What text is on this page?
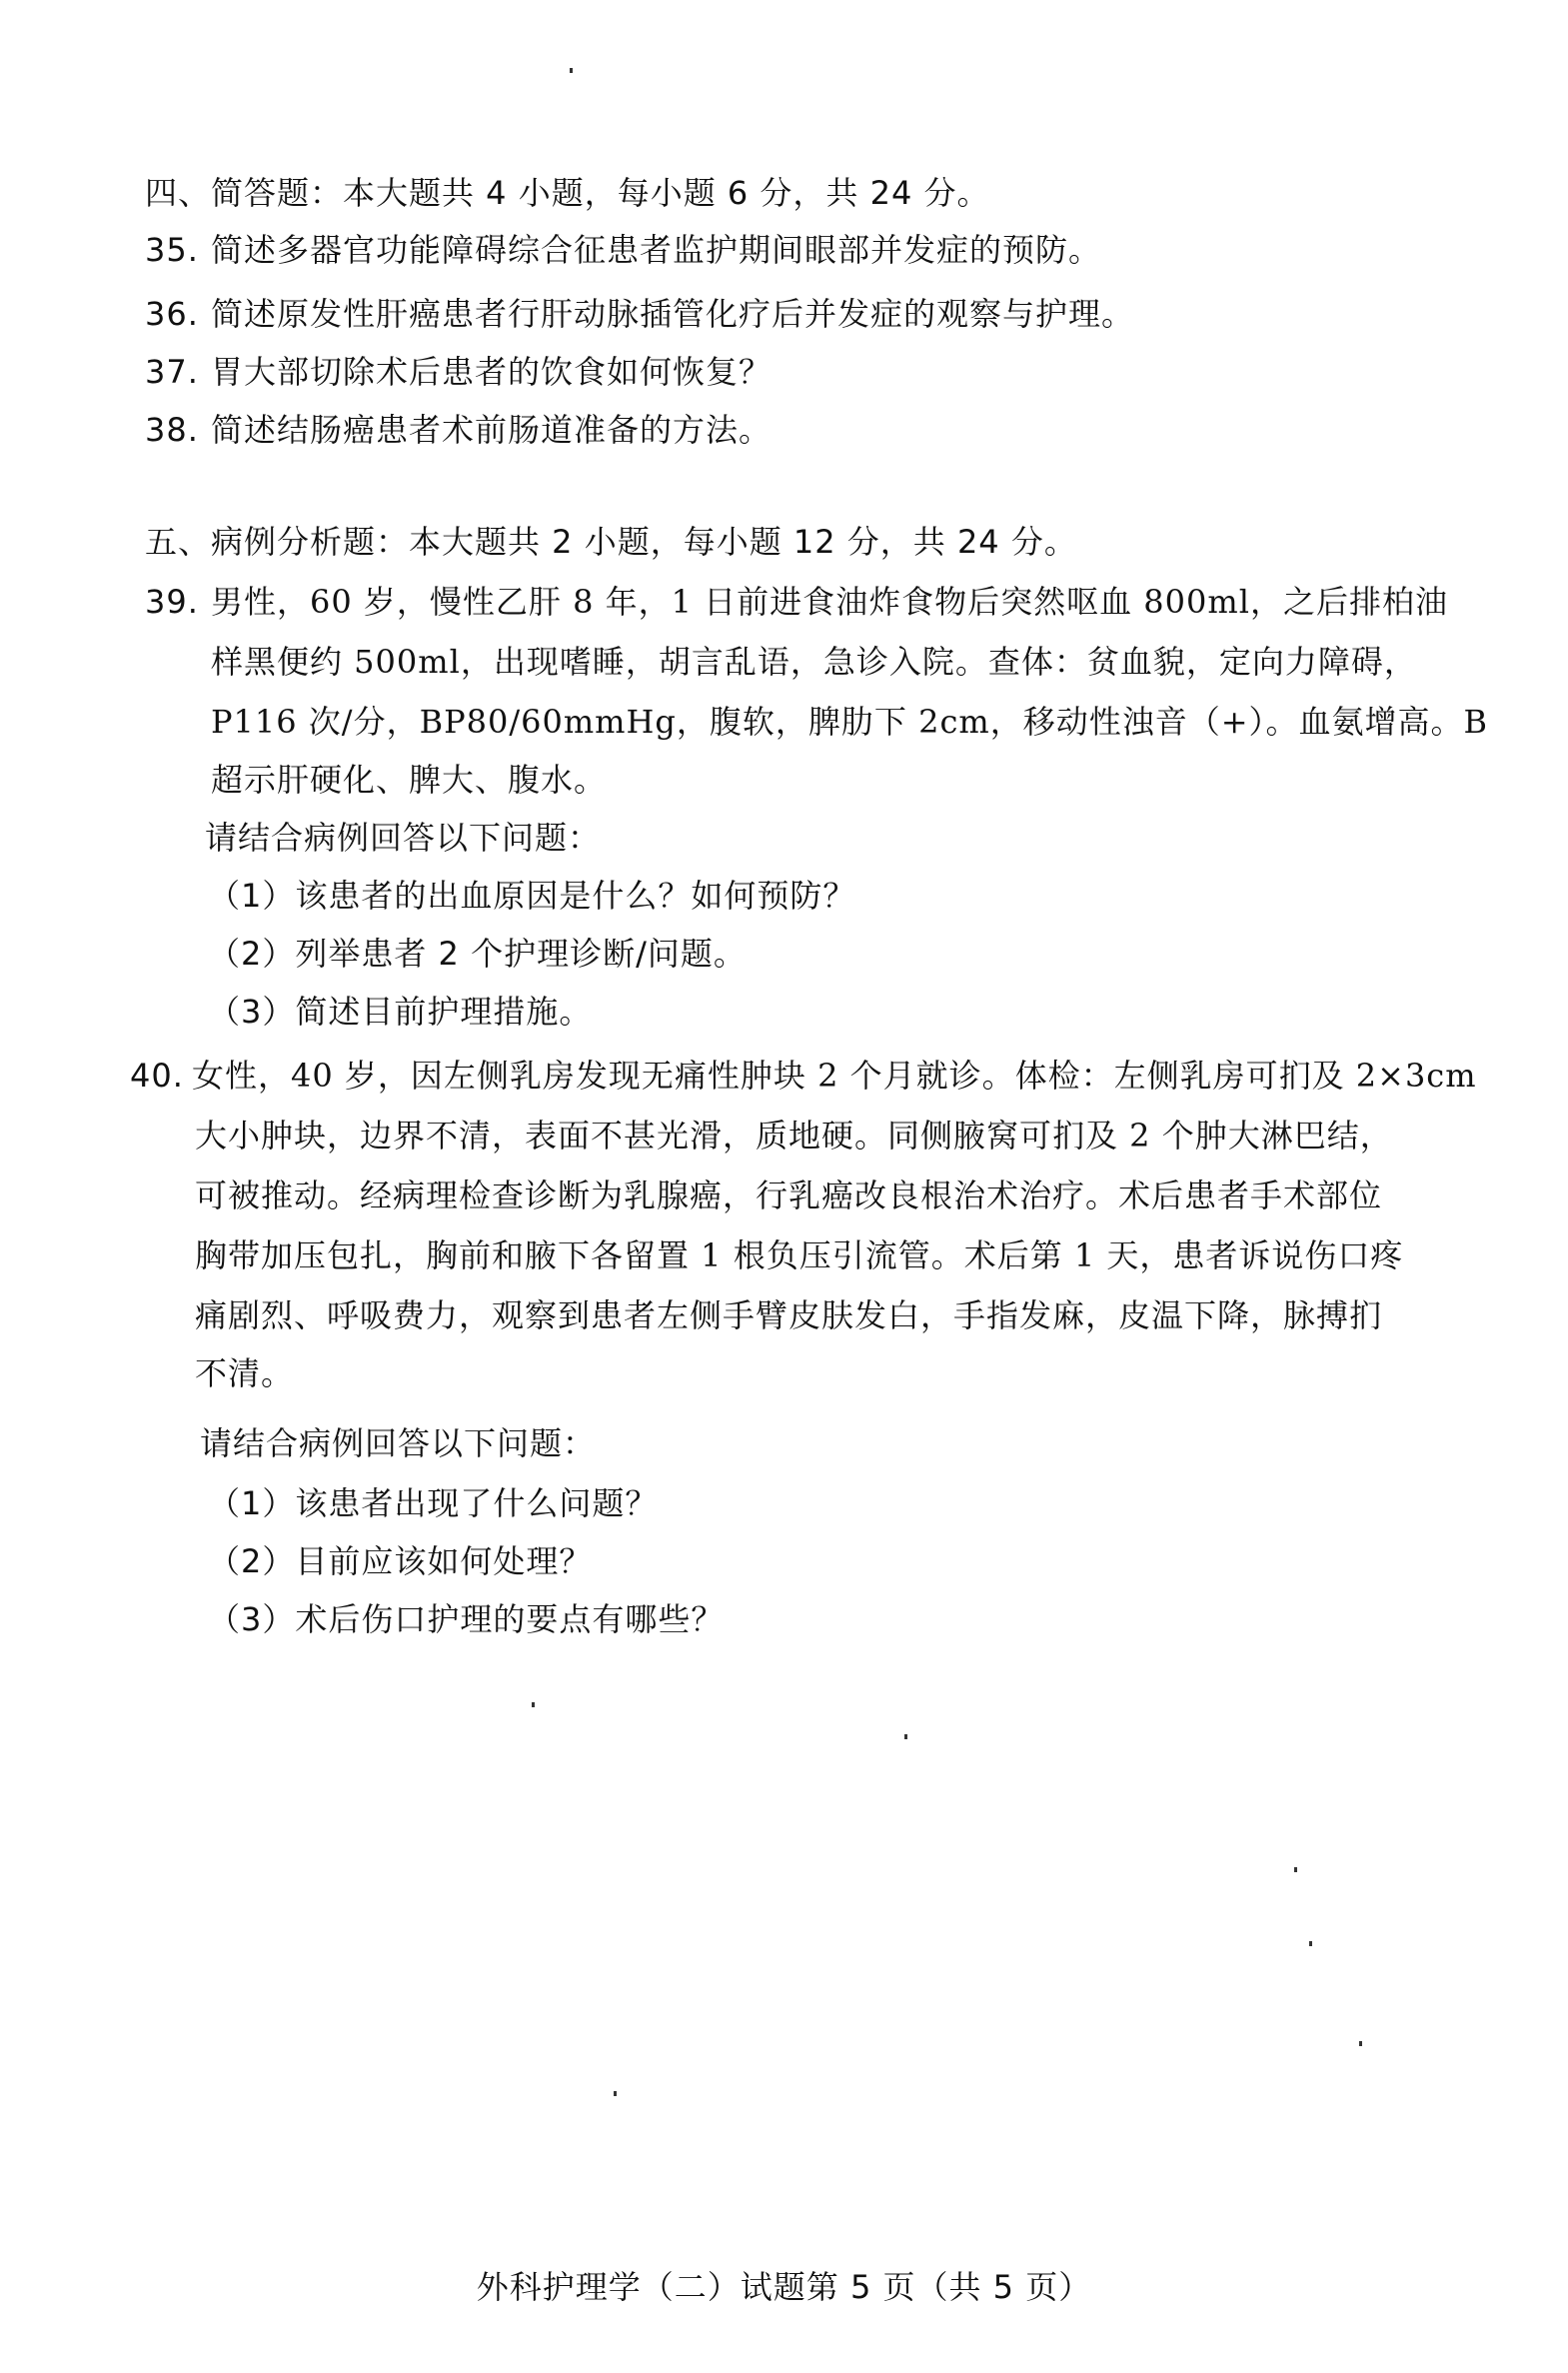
四、简答题：本大题共 4 小题，每小题 6 分，共 24 分。
35. 简述多器官功能障碍综合征患者监护期间眼部并发症的预防。
36. 简述原发性肝癌患者行肝动脉插管化疗后并发症的观察与护理。
37. 胃大部切除术后患者的饮食如何恢复？
38. 简述结肠癌患者术前肠道准备的方法。
五、病例分析题：本大题共 2 小题，每小题 12 分，共 24 分。
39. 男性，60 岁，慢性乙肝 8 年，1 日前进食油炸食物后突然呕血 800ml，之后排柏油
样黑便约 500ml，出现嗜睡，胡言乱语，急诊入院。查体：贫血貌，定向力障碍，
P116 次/分，BP80/60mmHg，腹软，脾肋下 2cm，移动性浊音（+）。血氨增高。B
超示肝硬化、脾大、腹水。
请结合病例回答以下问题：
（1）该患者的出血原因是什么？如何预防？
（2）列举患者 2 个护理诊断/问题。
（3）简述目前护理措施。
40. 女性，40 岁，因左侧乳房发现无痛性肿块 2 个月就诊。体检：左侧乳房可扪及 2×3cm
大小肿块，边界不清，表面不甚光滑，质地硬。同侧腋窝可扪及 2 个肿大淋巴结，
可被推动。经病理检查诊断为乳腺癌，行乳癌改良根治术治疗。术后患者手术部位
胸带加压包扎，胸前和腋下各留置 1 根负压引流管。术后第 1 天，患者诉说伤口疼
痛剧烈、呼吸费力，观察到患者左侧手臂皮肤发白，手指发麻，皮温下降，脉搏扪
不清。
请结合病例回答以下问题：
（1）该患者出现了什么问题？
（2）目前应该如何处理？
（3）术后伤口护理的要点有哪些？
外科护理学（二）试题第 5 页（共 5 页）
